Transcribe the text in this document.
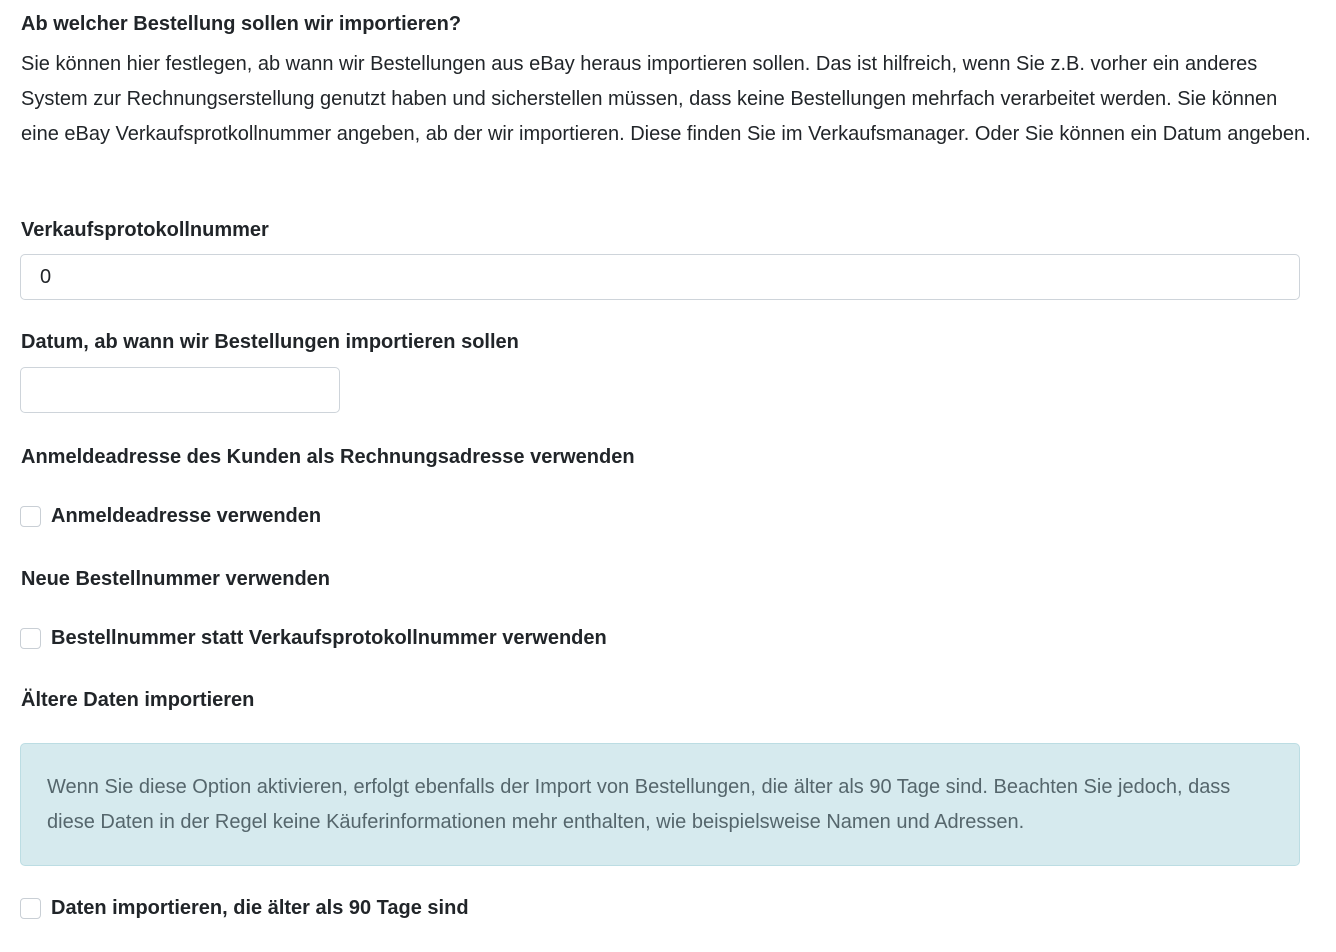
Ab welcher Bestellung sollen wir importieren?
Sie können hier festlegen, ab wann wir Bestellungen aus eBay heraus importieren sollen. Das ist hilfreich, wenn Sie z.B. vorher ein anderes System zur Rechnungserstellung genutzt haben und sicherstellen müssen, dass keine Bestellungen mehrfach verarbeitet werden. Sie können eine eBay Verkaufsprotkollnummer angeben, ab der wir importieren. Diese finden Sie im Verkaufsmanager. Oder Sie können ein Datum angeben.
Verkaufsprotokollnummer
0
Datum, ab wann wir Bestellungen importieren sollen
Anmeldeadresse des Kunden als Rechnungsadresse verwenden
Anmeldeadresse verwenden
Neue Bestellnummer verwenden
Bestellnummer statt Verkaufsprotokollnummer verwenden
Ältere Daten importieren
Wenn Sie diese Option aktivieren, erfolgt ebenfalls der Import von Bestellungen, die älter als 90 Tage sind. Beachten Sie jedoch, dass diese Daten in der Regel keine Käuferinformationen mehr enthalten, wie beispielsweise Namen und Adressen.
Daten importieren, die älter als 90 Tage sind
